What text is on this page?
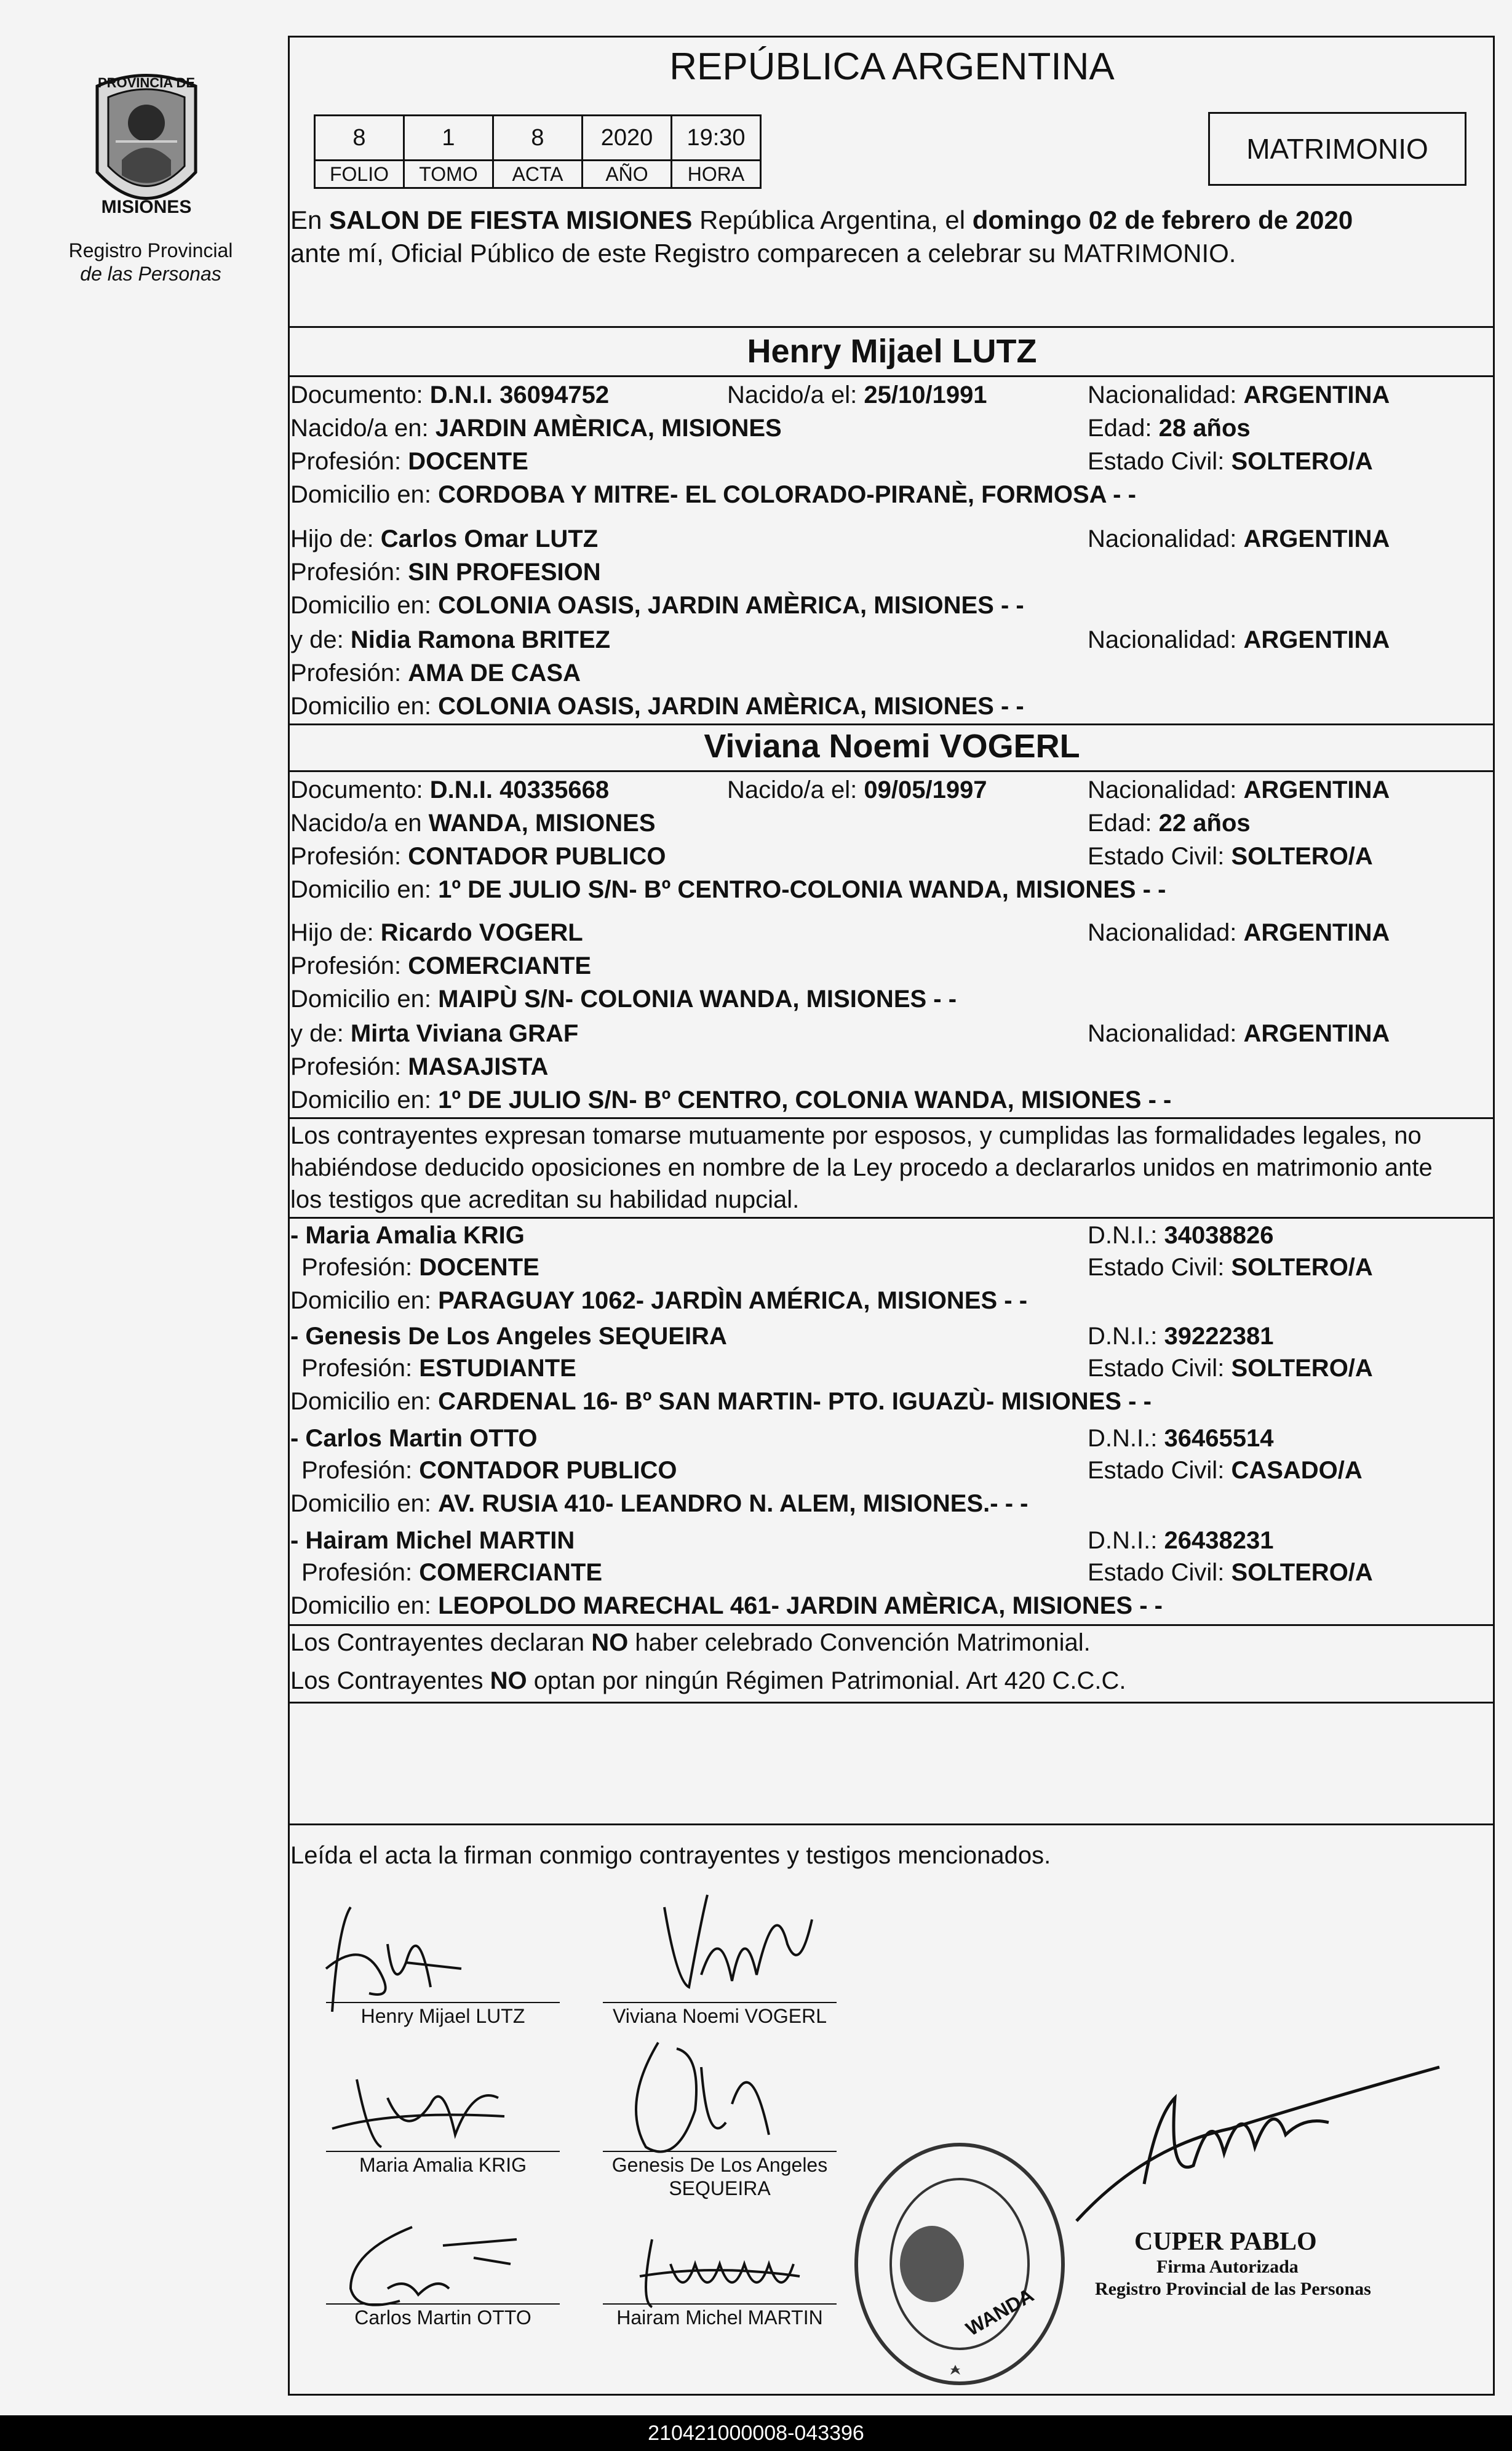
PROVINCIA DE
MISIONES
Registro Provincial
de las Personas
REPÚBLICA ARGENTINA
8	1	8	2020	19:30
FOLIO	TOMO	ACTA	AÑO	HORA
MATRIMONIO
En SALON DE FIESTA MISIONES República Argentina, el domingo 02 de febrero de 2020
ante mí, Oficial Público de este Registro comparecen a celebrar su MATRIMONIO.
Henry Mijael LUTZ
Documento: D.N.I. 36094752	Nacido/a el: 25/10/1991	Nacionalidad: ARGENTINA
Nacido/a en: JARDIN AMÈRICA, MISIONES	Edad: 28 años
Profesión: DOCENTE	Estado Civil: SOLTERO/A
Domicilio en: CORDOBA Y MITRE- EL COLORADO-PIRANÈ, FORMOSA - -
Hijo de: Carlos Omar LUTZ	Nacionalidad: ARGENTINA
Profesión: SIN PROFESION
Domicilio en: COLONIA OASIS, JARDIN AMÈRICA, MISIONES - -
y de: Nidia Ramona BRITEZ	Nacionalidad: ARGENTINA
Profesión: AMA DE CASA
Domicilio en: COLONIA OASIS, JARDIN AMÈRICA, MISIONES - -
Viviana Noemi VOGERL
Documento: D.N.I. 40335668	Nacido/a el: 09/05/1997	Nacionalidad: ARGENTINA
Nacido/a en WANDA, MISIONES	Edad: 22 años
Profesión: CONTADOR PUBLICO	Estado Civil: SOLTERO/A
Domicilio en: 1º DE JULIO S/N- Bº CENTRO-COLONIA WANDA, MISIONES - -
Hijo de: Ricardo VOGERL	Nacionalidad: ARGENTINA
Profesión: COMERCIANTE
Domicilio en: MAIPÙ S/N- COLONIA WANDA, MISIONES - -
y de: Mirta Viviana GRAF	Nacionalidad: ARGENTINA
Profesión: MASAJISTA
Domicilio en: 1º DE JULIO S/N- Bº CENTRO, COLONIA WANDA, MISIONES - -
Los contrayentes expresan tomarse mutuamente por esposos, y cumplidas las formalidades legales, no
habiéndose deducido oposiciones en nombre de la Ley procedo a declararlos unidos en matrimonio ante
los testigos que acreditan su habilidad nupcial.
- Maria Amalia KRIG	D.N.I.: 34038826
Profesión: DOCENTE	Estado Civil: SOLTERO/A
Domicilio en: PARAGUAY 1062- JARDÌN AMÉRICA, MISIONES - -
- Genesis De Los Angeles SEQUEIRA	D.N.I.: 39222381
Profesión: ESTUDIANTE	Estado Civil: SOLTERO/A
Domicilio en: CARDENAL 16- Bº SAN MARTIN- PTO. IGUAZÙ- MISIONES - -
- Carlos Martin OTTO	D.N.I.: 36465514
Profesión: CONTADOR PUBLICO	Estado Civil: CASADO/A
Domicilio en: AV. RUSIA 410- LEANDRO N. ALEM, MISIONES.- - -
- Hairam Michel MARTIN	D.N.I.: 26438231
Profesión: COMERCIANTE	Estado Civil: SOLTERO/A
Domicilio en: LEOPOLDO MARECHAL 461- JARDIN AMÈRICA, MISIONES - -
Los Contrayentes declaran NO haber celebrado Convención Matrimonial.
Los Contrayentes NO optan por ningún Régimen Patrimonial. Art 420 C.C.C.
Leída el acta la firman conmigo contrayentes y testigos mencionados.
Henry Mijael LUTZ	Viviana Noemi VOGERL
Maria Amalia KRIG	Genesis De Los Angeles
SEQUEIRA
Carlos Martin OTTO	Hairam Michel MARTIN	WANDA
CUPER PABLO
Firma Autorizada
Registro Provincial de las Personas
210421000008-043396
